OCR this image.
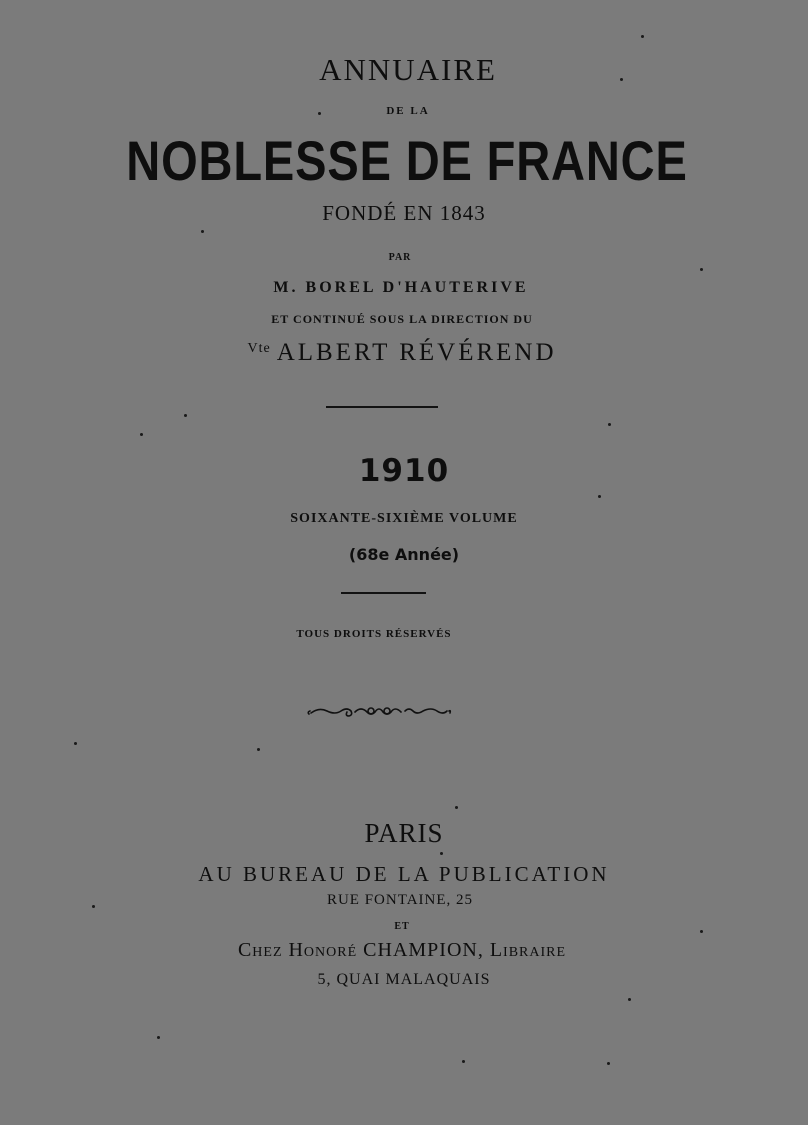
ANNUAIRE

DE LA

NOBLESSE DE FRANCE

FONDÉ EN 1843

PAR

M. BOREL D'HAUTERIVE

ET CONTINUÉ SOUS LA DIRECTION DU

$^{Vte}$ ALBERT RÉVÉREND

1910

SOIXANTE-SIXIÈME VOLUME

(68e Année)

TOUS DROITS RÉSERVÉS

PARIS

AU BUREAU DE LA PUBLICATION

RUE FONTAINE, 25

ET

Chez Honoré CHAMPION, Libraire

5, QUAI MALAQUAIS
